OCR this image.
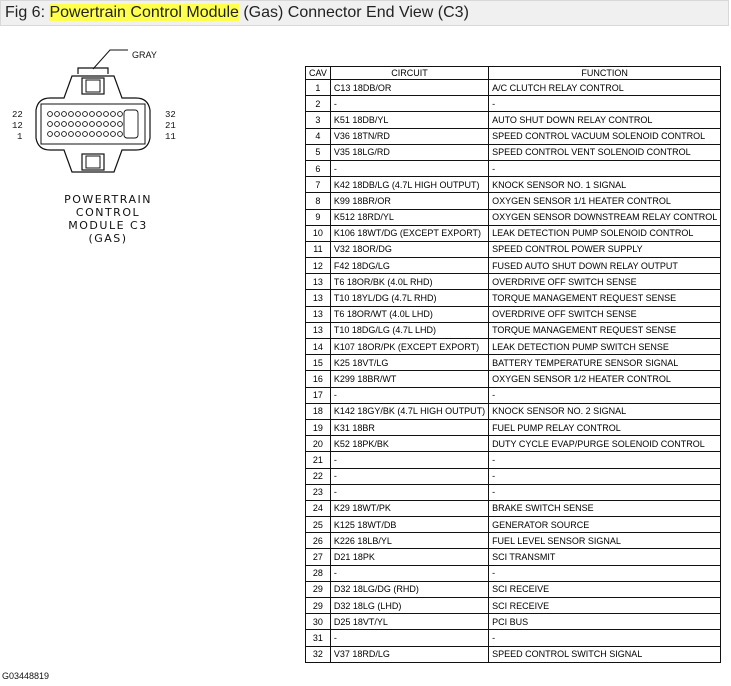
Fig 6: Powertrain Control Module (Gas) Connector End View (C3)
GRAY
22
12
1
32
21
11
POWERTRAIN
CONTROL
MODULE C3
(GAS)
CAV	CIRCUIT	FUNCTION
1	C13 18DB/OR	A/C CLUTCH RELAY CONTROL
2	-	-
3	K51 18DB/YL	AUTO SHUT DOWN RELAY CONTROL
4	V36 18TN/RD	SPEED CONTROL VACUUM SOLENOID CONTROL
5	V35 18LG/RD	SPEED CONTROL VENT SOLENOID CONTROL
6	-	-
7	K42 18DB/LG (4.7L HIGH OUTPUT)	KNOCK SENSOR NO. 1 SIGNAL
8	K99 18BR/OR	OXYGEN SENSOR 1/1 HEATER CONTROL
9	K512 18RD/YL	OXYGEN SENSOR DOWNSTREAM RELAY CONTROL
10	K106 18WT/DG (EXCEPT EXPORT)	LEAK DETECTION PUMP SOLENOID CONTROL
11	V32 18OR/DG	SPEED CONTROL POWER SUPPLY
12	F42 18DG/LG	FUSED AUTO SHUT DOWN RELAY OUTPUT
13	T6 18OR/BK (4.0L RHD)	OVERDRIVE OFF SWITCH SENSE
13	T10 18YL/DG (4.7L RHD)	TORQUE MANAGEMENT REQUEST SENSE
13	T6 18OR/WT (4.0L LHD)	OVERDRIVE OFF SWITCH SENSE
13	T10 18DG/LG (4.7L LHD)	TORQUE MANAGEMENT REQUEST SENSE
14	K107 18OR/PK (EXCEPT EXPORT)	LEAK DETECTION PUMP SWITCH SENSE
15	K25 18VT/LG	BATTERY TEMPERATURE SENSOR SIGNAL
16	K299 18BR/WT	OXYGEN SENSOR 1/2 HEATER CONTROL
17	-	-
18	K142 18GY/BK (4.7L HIGH OUTPUT)	KNOCK SENSOR NO. 2 SIGNAL
19	K31 18BR	FUEL PUMP RELAY CONTROL
20	K52 18PK/BK	DUTY CYCLE EVAP/PURGE SOLENOID CONTROL
21	-	-
22	-	-
23	-	-
24	K29 18WT/PK	BRAKE SWITCH SENSE
25	K125 18WT/DB	GENERATOR SOURCE
26	K226 18LB/YL	FUEL LEVEL SENSOR SIGNAL
27	D21 18PK	SCI TRANSMIT
28	-	-
29	D32 18LG/DG (RHD)	SCI RECEIVE
29	D32 18LG (LHD)	SCI RECEIVE
30	D25 18VT/YL	PCI BUS
31	-	-
32	V37 18RD/LG	SPEED CONTROL SWITCH SIGNAL
G03448819
